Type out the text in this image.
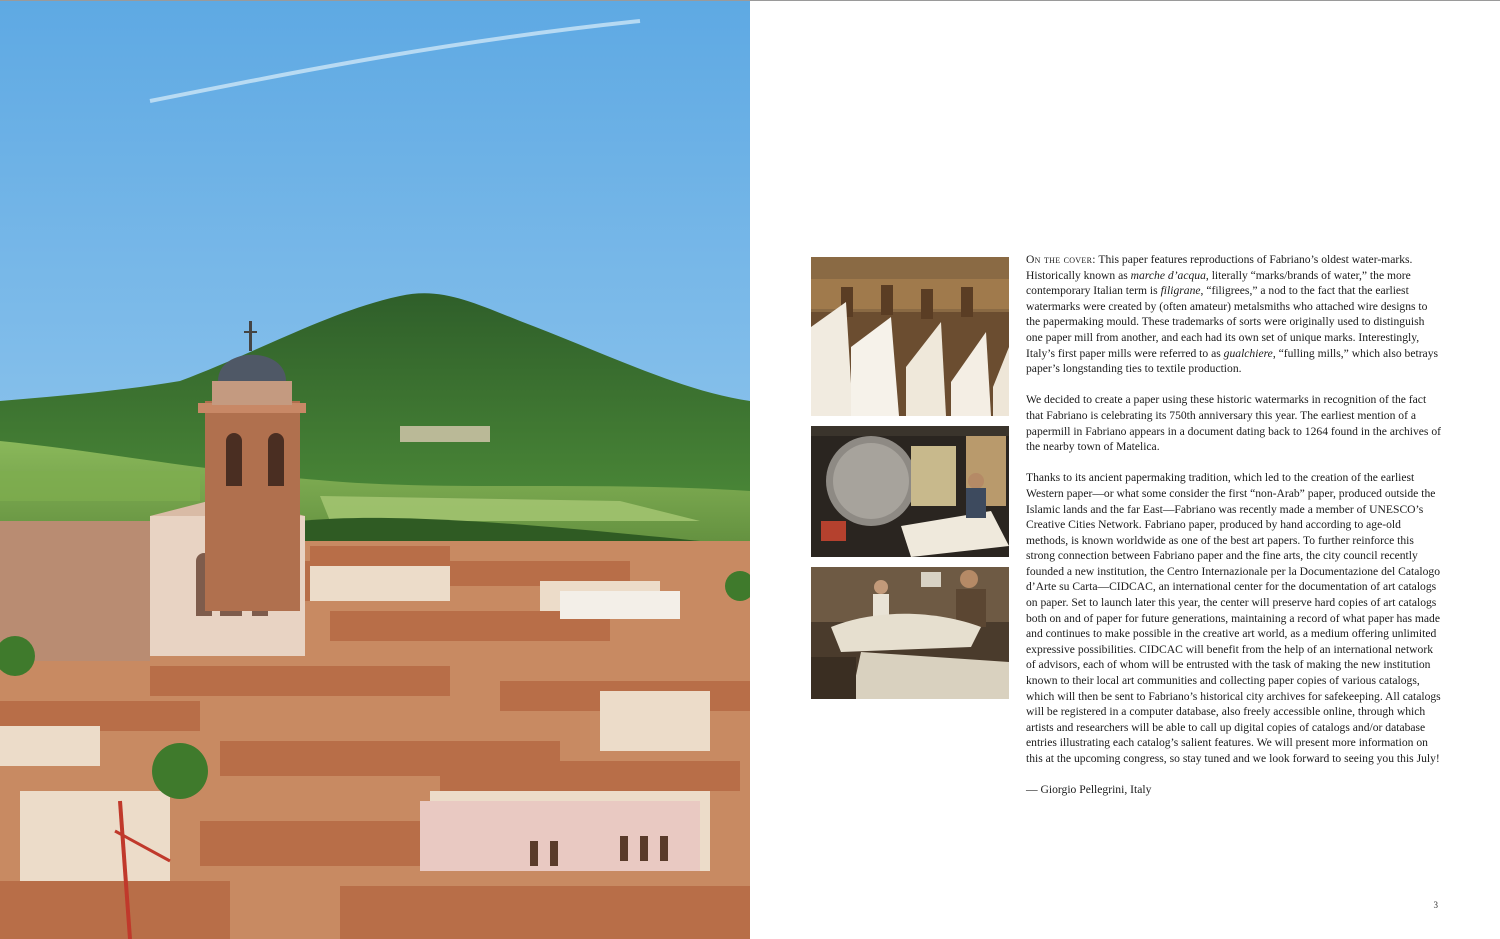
On the cover: This paper features reproductions of Fabriano’s oldest water-marks. Historically known as marche d’acqua, literally “marks/brands of water,” the more contemporary Italian term is filigrane, “filigrees,” a nod to the fact that the earliest watermarks were created by (often amateur) metalsmiths who attached wire designs to the papermaking mould. These trademarks of sorts were originally used to distinguish one paper mill from another, and each had its own set of unique marks. Interestingly, Italy’s first paper mills were referred to as gualchiere, “fulling mills,” which also betrays paper’s longstanding ties to textile production.

We decided to create a paper using these historic watermarks in recognition of the fact that Fabriano is celebrating its 750th anniversary this year. The earliest mention of a papermill in Fabriano appears in a document dating back to 1264 found in the archives of the nearby town of Matelica.

Thanks to its ancient papermaking tradition, which led to the creation of the earliest Western paper—or what some consider the first “non-Arab” paper, produced outside the Islamic lands and the far East—Fabriano was recently made a member of UNESCO’s Creative Cities Network. Fabriano paper, produced by hand according to age-old methods, is known worldwide as one of the best art papers. To further reinforce this strong connection between Fabriano paper and the fine arts, the city council recently founded a new institution, the Centro Internazionale per la Documentazione del Catalogo d’Arte su Carta—CIDCAC, an international center for the documentation of art catalogs on paper. Set to launch later this year, the center will preserve hard copies of art catalogs both on and of paper for future generations, maintaining a record of what paper has made and continues to make possible in the creative art world, as a medium offering unlimited expressive possibilities. CIDCAC will benefit from the help of an international network of advisors, each of whom will be entrusted with the task of making the new institution known to their local art communities and collecting paper copies of various catalogs, which will then be sent to Fabriano’s historical city archives for safekeeping. All catalogs will be registered in a computer database, also freely accessible online, through which artists and researchers will be able to call up digital copies of catalogs and/or database entries illustrating each catalog’s salient features. We will present more information on this at the upcoming congress, so stay tuned and we look forward to seeing you this July!

— Giorgio Pellegrini, Italy

3
